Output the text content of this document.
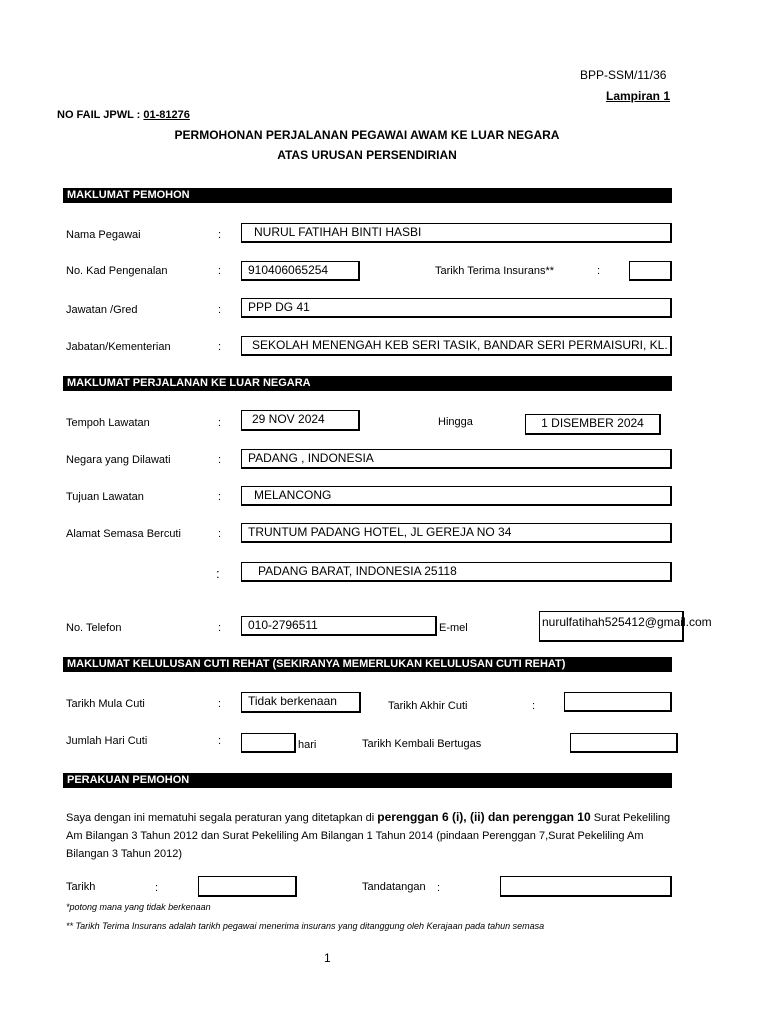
BPP-SSM/11/36
Lampiran 1
NO FAIL JPWL : 01-81276
PERMOHONAN PERJALANAN PEGAWAI AWAM KE LUAR NEGARA
ATAS URUSAN PERSENDIRIAN
MAKLUMAT PEMOHON
Nama Pegawai	:	NURUL FATIHAH BINTI HASBI
No. Kad Pengenalan	:	910406065254	Tarikh Terima Insurans**	:
Jawatan /Gred	:	PPP DG 41
Jabatan/Kementerian	:	SEKOLAH MENENGAH KEB SERI TASIK, BANDAR SERI PERMAISURI, KL.
MAKLUMAT PERJALANAN KE LUAR NEGARA
Tempoh Lawatan	:	29 NOV 2024	Hingga	1 DISEMBER 2024
Negara yang Dilawati	:	PADANG , INDONESIA
Tujuan Lawatan	:	MELANCONG
Alamat Semasa Bercuti	:	TRUNTUM PADANG HOTEL, JL GEREJA NO 34
:	PADANG BARAT, INDONESIA 25118
No. Telefon	:	010-2796511	E-mel	nurulfatihah525412@gmail.com
MAKLUMAT KELULUSAN CUTI REHAT (SEKIRANYA MEMERLUKAN KELULUSAN CUTI REHAT)
Tarikh Mula Cuti	:	Tidak berkenaan	Tarikh Akhir Cuti	:
Jumlah Hari Cuti	:	hari	Tarikh Kembali Bertugas
PERAKUAN PEMOHON
Saya dengan ini mematuhi segala peraturan yang ditetapkan di perenggan 6 (i), (ii) dan perenggan 10 Surat Pekeliling Am Bilangan 3 Tahun 2012 dan Surat Pekeliling Am Bilangan 1 Tahun 2014 (pindaan Perenggan 7,Surat Pekeliling Am Bilangan 3 Tahun 2012)
Tarikh	:	Tandatangan :
*potong mana yang tidak berkenaan
** Tarikh Terima Insurans adalah tarikh pegawai menerima insurans yang ditanggung oleh Kerajaan pada tahun semasa
1
